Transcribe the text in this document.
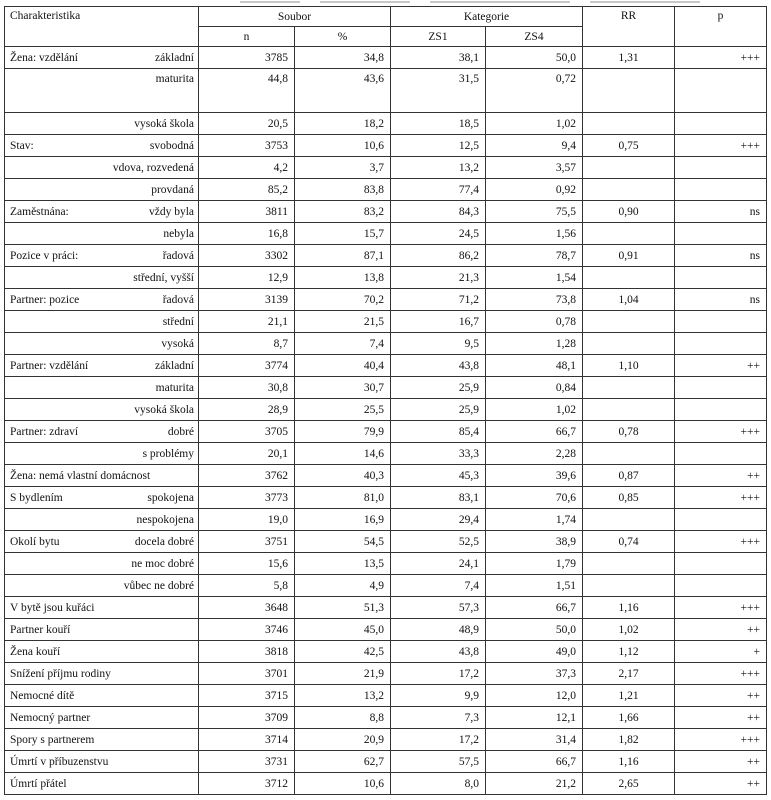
Charakteristika	Soubor		Kategorie		RR	p
	n	%	ZS1	ZS4		

Žena: vzdělání základní	3785	34,8	38,1	50,0	1,31	+++

maturita	44,8	43,6	31,5	0,72		

vysoká škola	20,5	18,2	18,5	1,02		

Stav: svobodná	3753	10,6	12,5	9,4	0,75	+++

vdova, rozvedená	4,2	3,7	13,2	3,57		

provdaná	85,2	83,8	77,4	0,92		

Zaměstnána: vždy byla	3811	83,2	84,3	75,5	0,90	ns

nebyla	16,8	15,7	24,5	1,56		

Pozice v práci: řadová	3302	87,1	86,2	78,7	0,91	ns

střední, vyšší	12,9	13,8	21,3	1,54		

Partner: pozice řadová	3139	70,2	71,2	73,8	1,04	ns

střední	21,1	21,5	16,7	0,78		

vysoká	8,7	7,4	9,5	1,28		

Partner: vzdělání základní	3774	40,4	43,8	48,1	1,10	++

maturita	30,8	30,7	25,9	0,84		

vysoká škola	28,9	25,5	25,9	1,02		

Partner: zdraví dobré	3705	79,9	85,4	66,7	0,78	+++

s problémy	20,1	14,6	33,3	2,28		
Žena: nemá vlastní domácnost	3762	40,3	45,3	39,6	0,87	++

S bydlením spokojena	3773	81,0	83,1	70,6	0,85	+++

nespokojena	19,0	16,9	29,4	1,74		

Okolí bytu docela dobré	3751	54,5	52,5	38,9	0,74	+++

ne moc dobré	15,6	13,5	24,1	1,79		

vůbec ne dobré	5,8	4,9	7,4	1,51		
V bytě jsou kuřáci	3648	51,3	57,3	66,7	1,16	+++
Partner kouří	3746	45,0	48,9	50,0	1,02	++
Žena kouří	3818	42,5	43,8	49,0	1,12	+
Snížení příjmu rodiny	3701	21,9	17,2	37,3	2,17	+++
Nemocné dítě	3715	13,2	9,9	12,0	1,21	++
Nemocný partner	3709	8,8	7,3	12,1	1,66	++
Spory s partnerem	3714	20,9	17,2	31,4	1,82	+++
Úmrtí v příbuzenstvu	3731	62,7	57,5	66,7	1,16	++
Úmrtí přátel	3712	10,6	8,0	21,2	2,65	++
